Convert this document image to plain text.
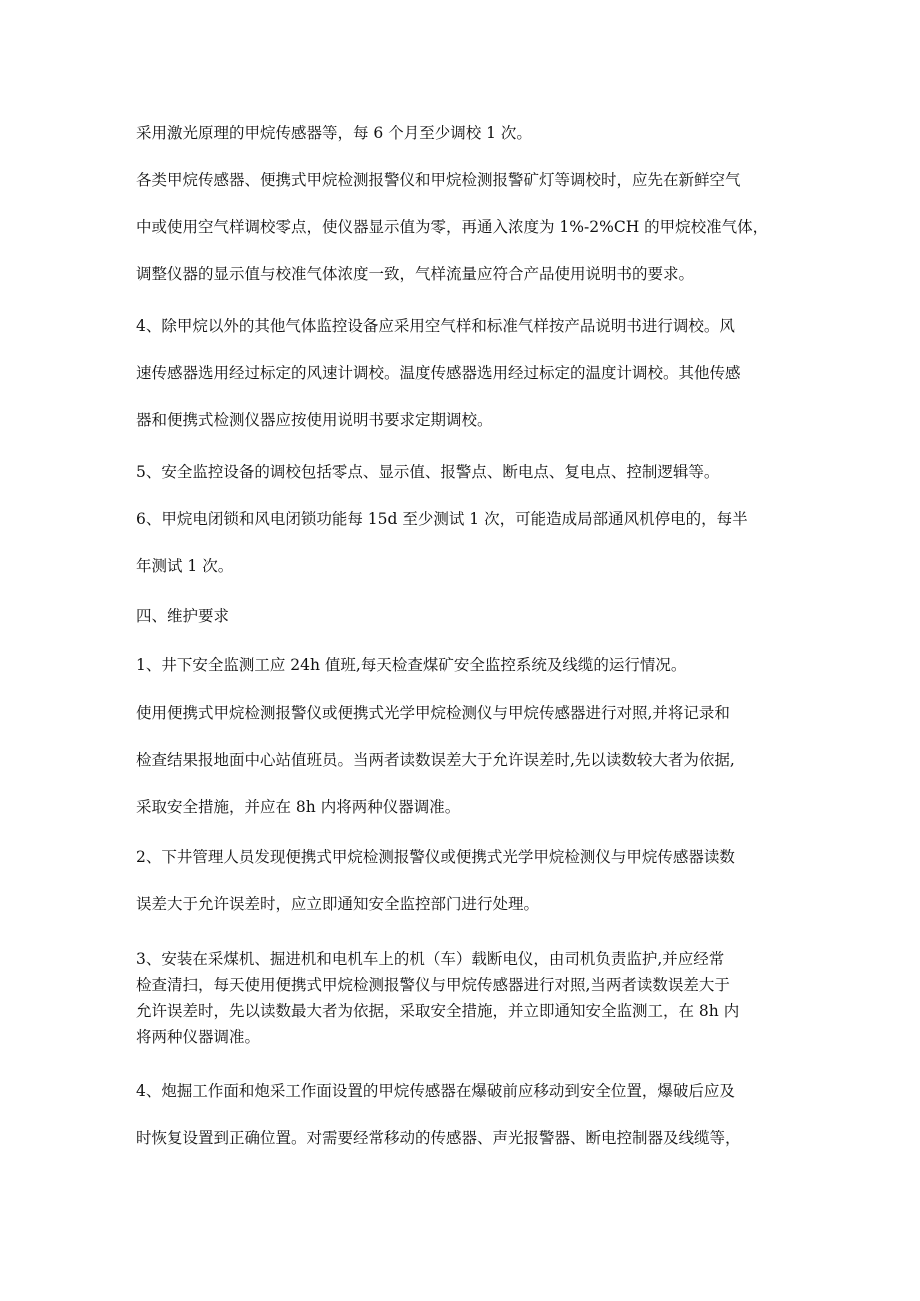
采用激光原理的甲烷传感器等，每 6 个月至少调校 1 次。

各类甲烷传感器、便携式甲烷检测报警仪和甲烷检测报警矿灯等调校时，应先在新鲜空气
中或使用空气样调校零点，使仪器显示值为零，再通入浓度为 1%-2%CH 的甲烷校准气体，
调整仪器的显示值与校准气体浓度一致，气样流量应符合产品使用说明书的要求。

4、除甲烷以外的其他气体监控设备应采用空气样和标准气样按产品说明书进行调校。风
速传感器选用经过标定的风速计调校。温度传感器选用经过标定的温度计调校。其他传感
器和便携式检测仪器应按使用说明书要求定期调校。

5、安全监控设备的调校包括零点、显示值、报警点、断电点、复电点、控制逻辑等。

6、甲烷电闭锁和风电闭锁功能每 15d 至少测试 1 次，可能造成局部通风机停电的，每半
年测试 1 次。

四、维护要求

1、井下安全监测工应 24h 值班,每天检查煤矿安全监控系统及线缆的运行情况。

使用便携式甲烷检测报警仪或便携式光学甲烷检测仪与甲烷传感器进行对照,并将记录和
检查结果报地面中心站值班员。当两者读数误差大于允许误差时,先以读数较大者为依据,
采取安全措施，并应在 8h 内将两种仪器调准。

2、下井管理人员发现便携式甲烷检测报警仪或便携式光学甲烷检测仪与甲烷传感器读数
误差大于允许误差时，应立即通知安全监控部门进行处理。

3、安装在采煤机、掘进机和电机车上的机（车）载断电仪，由司机负责监护,并应经常
检查清扫，每天使用便携式甲烷检测报警仪与甲烷传感器进行对照,当两者读数误差大于
允许误差时，先以读数最大者为依据，采取安全措施，并立即通知安全监测工，在 8h 内
将两种仪器调准。

4、炮掘工作面和炮采工作面设置的甲烷传感器在爆破前应移动到安全位置，爆破后应及
时恢复设置到正确位置。对需要经常移动的传感器、声光报警器、断电控制器及线缆等，
